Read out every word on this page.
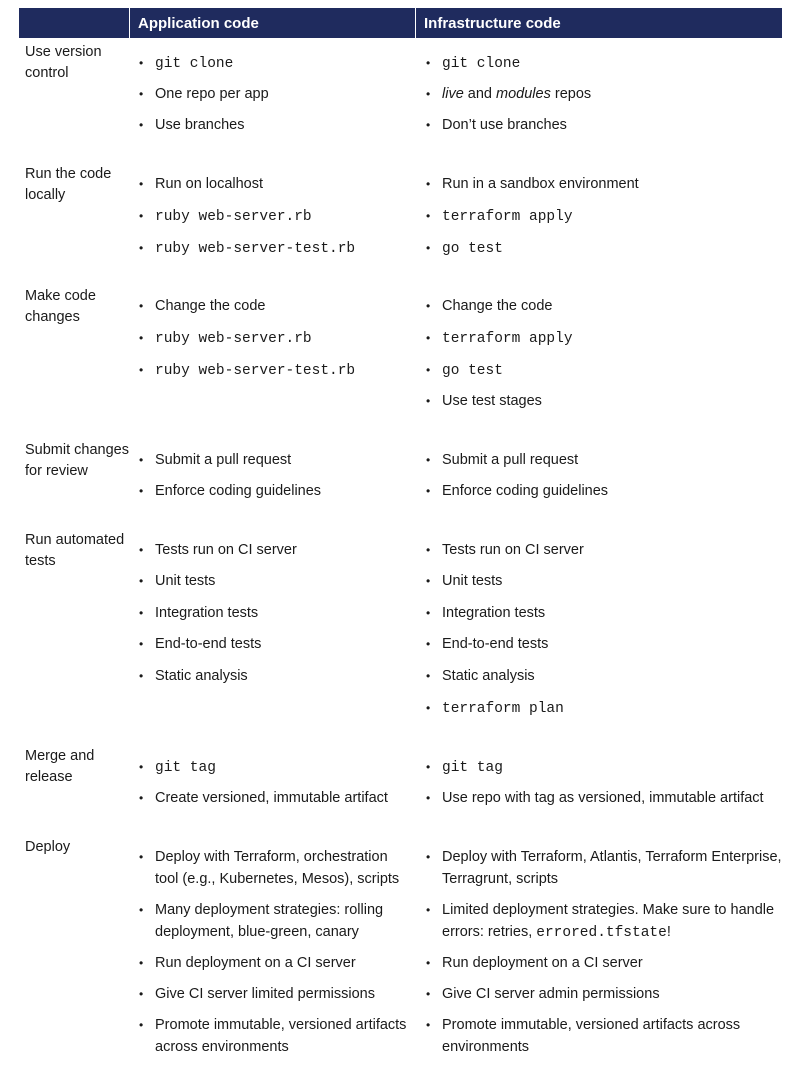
Application code	Infrastructure code
Use version control
• git clone
• One repo per app
• Use branches
• git clone
• live and modules repos
• Don’t use branches
Run the code locally
• Run on localhost
• ruby web-server.rb
• ruby web-server-test.rb
• Run in a sandbox environment
• terraform apply
• go test
Make code changes
• Change the code
• ruby web-server.rb
• ruby web-server-test.rb
• Change the code
• terraform apply
• go test
• Use test stages
Submit changes for review
• Submit a pull request
• Enforce coding guidelines
• Submit a pull request
• Enforce coding guidelines
Run automated tests
• Tests run on CI server
• Unit tests
• Integration tests
• End-to-end tests
• Static analysis
• Tests run on CI server
• Unit tests
• Integration tests
• End-to-end tests
• Static analysis
• terraform plan
Merge and release
• git tag
• Create versioned, immutable artifact
• git tag
• Use repo with tag as versioned, immutable artifact
Deploy
• Deploy with Terraform, orchestration tool (e.g., Kubernetes, Mesos), scripts
• Many deployment strategies: rolling deployment, blue-green, canary
• Run deployment on a CI server
• Give CI server limited permissions
• Promote immutable, versioned artifacts across environments
• Deploy with Terraform, Atlantis, Terraform Enterprise, Terragrunt, scripts
• Limited deployment strategies. Make sure to handle errors: retries, errored.tfstate!
• Run deployment on a CI server
• Give CI server admin permissions
• Promote immutable, versioned artifacts across environments
